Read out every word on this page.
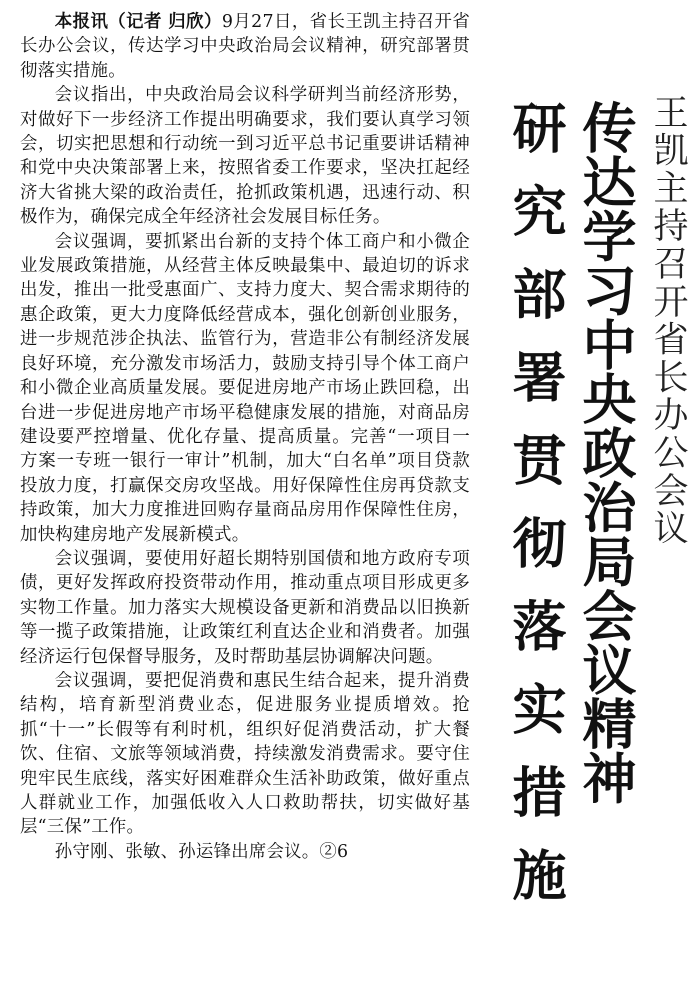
本报讯（记者 归欣）9月27日，省长王凯主持召开省长办公会议，传达学习中央政治局会议精神，研究部署贯彻落实措施。

会议指出，中央政治局会议科学研判当前经济形势，对做好下一步经济工作提出明确要求，我们要认真学习领会，切实把思想和行动统一到习近平总书记重要讲话精神和党中央决策部署上来，按照省委工作要求，坚决扛起经济大省挑大梁的政治责任，抢抓政策机遇，迅速行动、积极作为，确保完成全年经济社会发展目标任务。

会议强调，要抓紧出台新的支持个体工商户和小微企业发展政策措施，从经营主体反映最集中、最迫切的诉求出发，推出一批受惠面广、支持力度大、契合需求期待的惠企政策，更大力度降低经营成本，强化创新创业服务，进一步规范涉企执法、监管行为，营造非公有制经济发展良好环境，充分激发市场活力，鼓励支持引导个体工商户和小微企业高质量发展。要促进房地产市场止跌回稳，出台进一步促进房地产市场平稳健康发展的措施，对商品房建设要严控增量、优化存量、提高质量。完善“一项目一方案一专班一银行一审计”机制，加大“白名单”项目贷款投放力度，打赢保交房攻坚战。用好保障性住房再贷款支持政策，加大力度推进回购存量商品房用作保障性住房，加快构建房地产发展新模式。

会议强调，要使用好超长期特别国债和地方政府专项债，更好发挥政府投资带动作用，推动重点项目形成更多实物工作量。加力落实大规模设备更新和消费品以旧换新等一揽子政策措施，让政策红利直达企业和消费者。加强经济运行包保督导服务，及时帮助基层协调解决问题。

会议强调，要把促消费和惠民生结合起来，提升消费结构，培育新型消费业态，促进服务业提质增效。抢抓“十一”长假等有利时机，组织好促消费活动，扩大餐饮、住宿、文旅等领域消费，持续激发消费需求。要守住兜牢民生底线，落实好困难群众生活补助政策，做好重点人群就业工作，加强低收入人口救助帮扶，切实做好基层“三保”工作。

孙守刚、张敏、孙运锋出席会议。②6

王凯主持召开省长办公会议
传达学习中央政治局会议精神
研究部署贯彻落实措施
